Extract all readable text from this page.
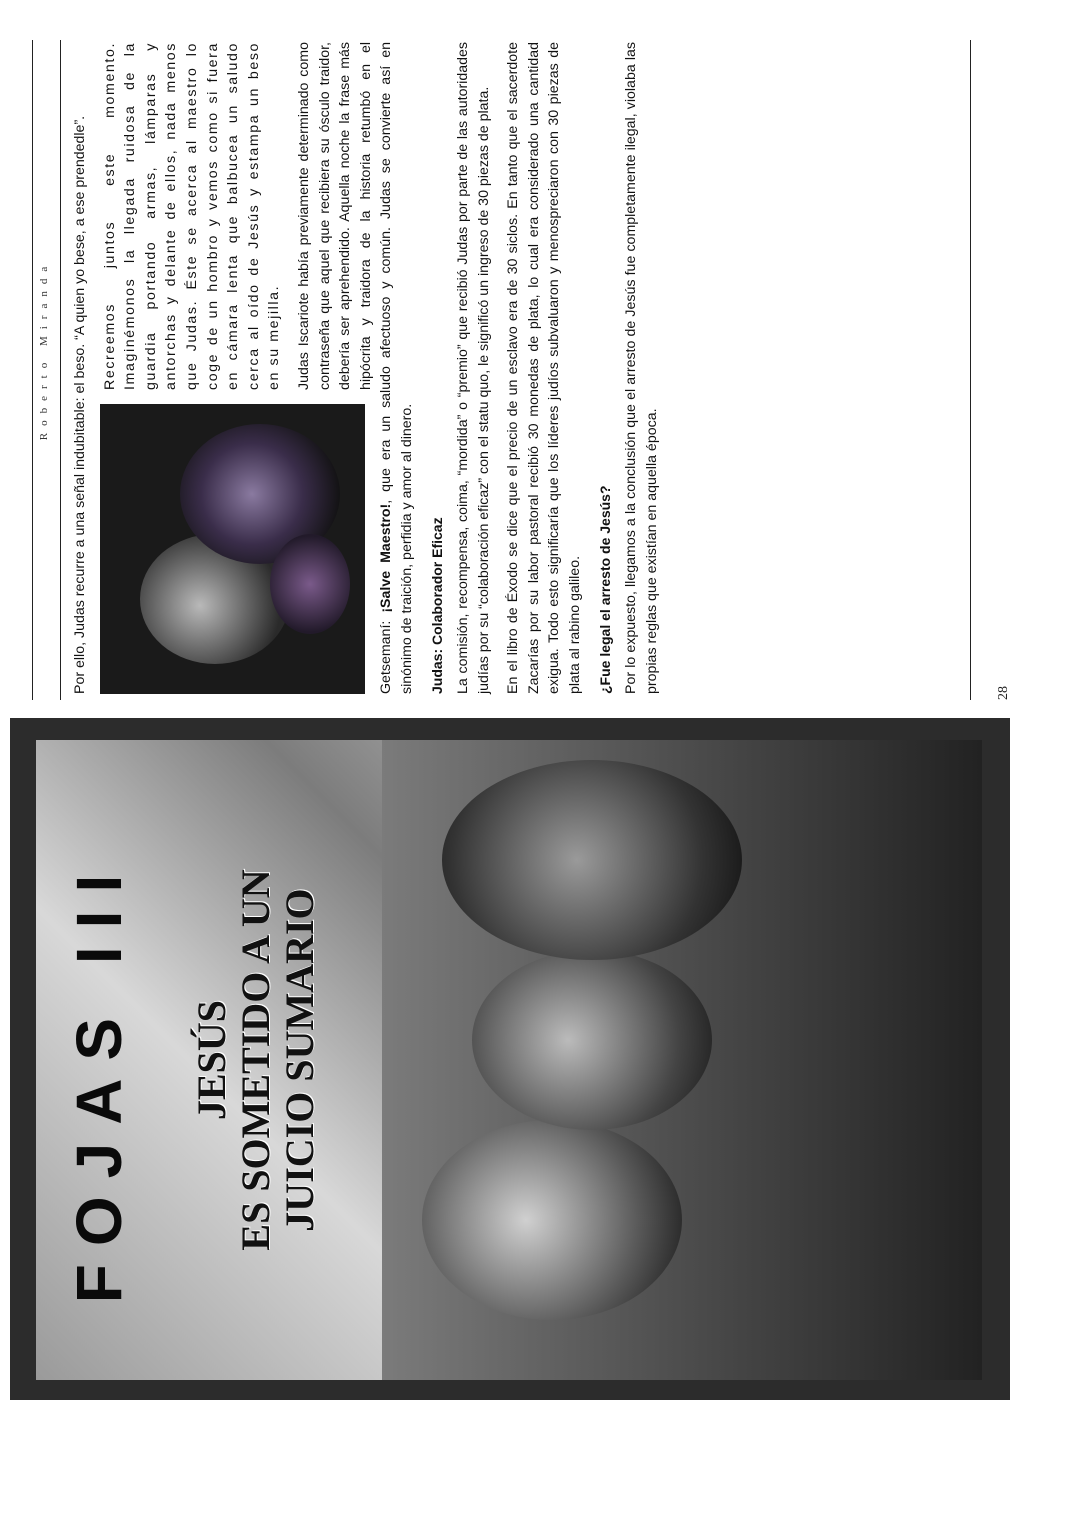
Roberto Miranda Por ello, Judas recurre a una señal indubitable: el beso. “A quien yo bese, a ese prendedle”. Recreemos juntos este momento. Imaginémonos la llegada ruidosa de la guardia portando armas, lámparas y antorchas y delante de ellos, nada menos que Judas. Éste se acerca al maestro lo coge de un hombro y vemos como si fuera en cámara lenta que balbucea un saludo cerca al oído de Jesús y estampa un beso en su mejilla. Judas Iscariote había previamente determinado como contraseña que aquel que recibiera su ósculo traidor, debería ser aprehendido. Aquella noche la frase más hipócrita y traidora de la historia retumbó en el Getsemaní: ¡Salve Maestro!, que era un saludo afectuoso y común. Judas se convierte así en sinónimo de traición, perfidia y amor al dinero. Judas: Colaborador Eficaz La comisión, recompensa, coima, “mordida” o “premio” que recibió Judas por parte de las autoridades judías por su “colaboración eficaz” con el statu quo, le significó un ingreso de 30 piezas de plata. En el libro de Éxodo se dice que el precio de un esclavo era de 30 siclos. En tanto que el sacerdote Zacarías por su labor pastoral recibió 30 monedas de plata, lo cual era considerado una cantidad exigua. Todo esto significaría que los líderes judíos subvaluaron y menospreciaron con 30 piezas de plata al rabino galileo. ¿Fue legal el arresto de Jesús? Por lo expuesto, llegamos a la conclusión que el arresto de Jesús fue completamente ilegal, violaba las propias reglas que existían en aquella época.	28
FOJAS III JESÚS ES SOMETIDO A UN JUICIO SUMARIO
